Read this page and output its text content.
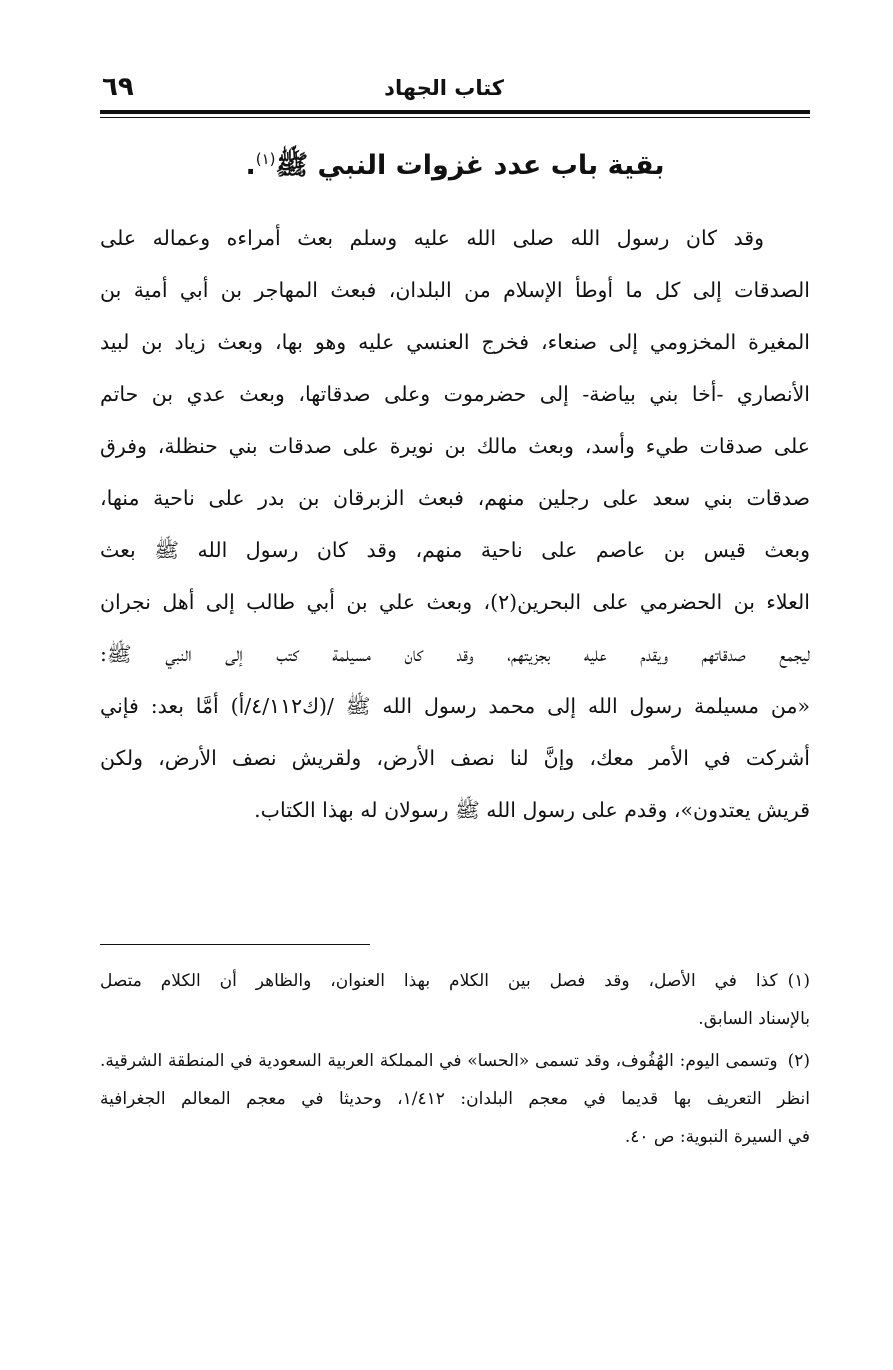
كتاب الجهاد
٦٩
بقية باب عدد غزوات النبي ﷺ$^{(١)}$.
وقد كان رسول الله صلى الله عليه وسلم بعث أمراءه وعماله على
الصدقات إلى كل ما أوطأ الإسلام من البلدان، فبعث المهاجر بن أبي أمية بن
المغيرة المخزومي إلى صنعاء، فخرج العنسي عليه وهو بها، وبعث زياد بن لبيد
الأنصاري -أخا بني بياضة- إلى حضرموت وعلى صدقاتها، وبعث عدي بن حاتم
على صدقات طيء وأسد، وبعث مالك بن نويرة على صدقات بني حنظلة، وفرق
صدقات بني سعد على رجلين منهم، فبعث الزبرقان بن بدر على ناحية منها،
وبعث قيس بن عاصم على ناحية منهم، وقد كان رسول الله ﷺ بعث
العلاء بن الحضرمي على البحرين(٢)، وبعث علي بن أبي طالب إلى أهل نجران
ليجمع صدقاتهم ويقدم عليه بجزيتهم، وقد كان مسيلمة كتب إلى النبي ﷺ:
«من مسيلمة رسول الله إلى محمد رسول الله ﷺ /(ك٤/١١٢/أ) أمَّا بعد: فإني
أشركت في الأمر معك، وإنَّ لنا نصف الأرض، ولقريش نصف الأرض، ولكن
قريش يعتدون»، وقدم على رسول الله ﷺ رسولان له بهذا الكتاب.
(١)كذا في الأصل، وقد فصل بين الكلام بهذا العنوان، والظاهر أن الكلام متصل
بالإسناد السابق.
(٢)وتسمى اليوم: الهُفُوف، وقد تسمى «الحسا» في المملكة العربية السعودية في المنطقة الشرقية.
انظر التعريف بها قديما في معجم البلدان: ١/٤١٢، وحديثا في معجم المعالم الجغرافية
في السيرة النبوية: ص ٤٠.
